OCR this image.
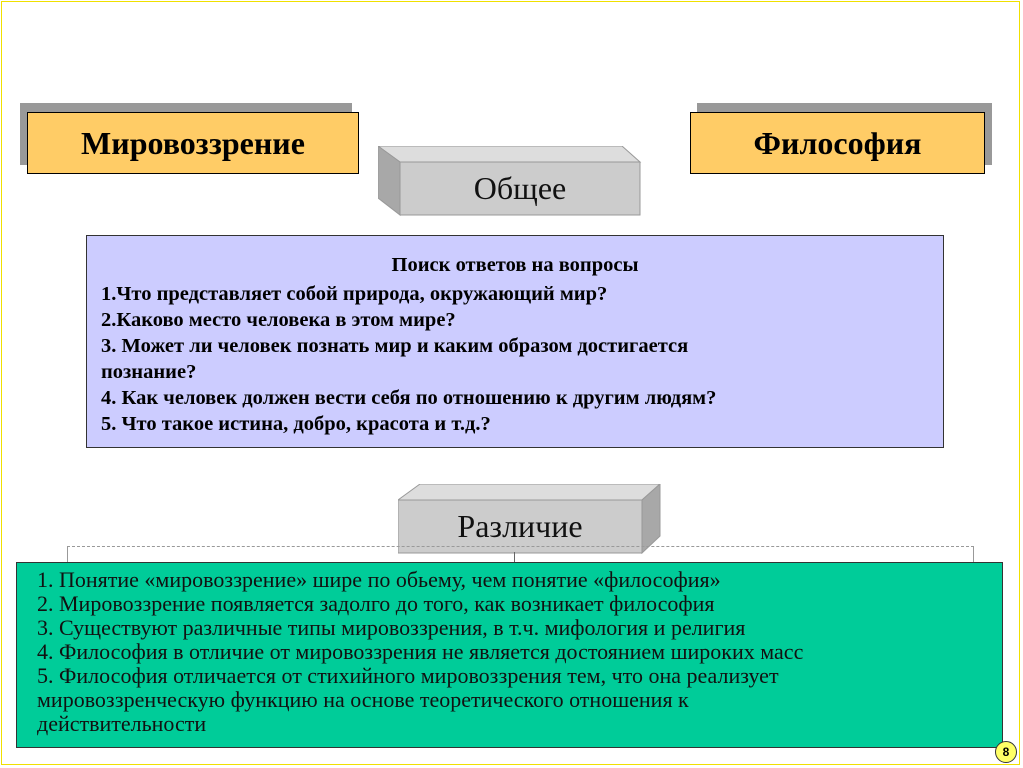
Мировоззрение	Философия
Общее
Поиск ответов на вопросы
1.Что представляет собой природа, окружающий мир?
2.Каково место человека в этом мире?
3. Может ли человек познать мир и каким образом достигается
познание?
4. Как человек должен вести себя по отношению к другим людям?
5. Что такое истина, добро, красота и т.д.?
Различие
1. Понятие «мировоззрение» шире по обьему, чем понятие «философия»
2. Мировоззрение появляется задолго до того, как возникает философия
3. Существуют различные типы мировоззрения, в т.ч. мифология и религия
4. Философия в отличие от мировоззрения не является достоянием широких масс
5. Философия отличается от стихийного мировоззрения тем, что она реализует
мировоззренческую функцию на основе теоретического отношения к
действительности
8
